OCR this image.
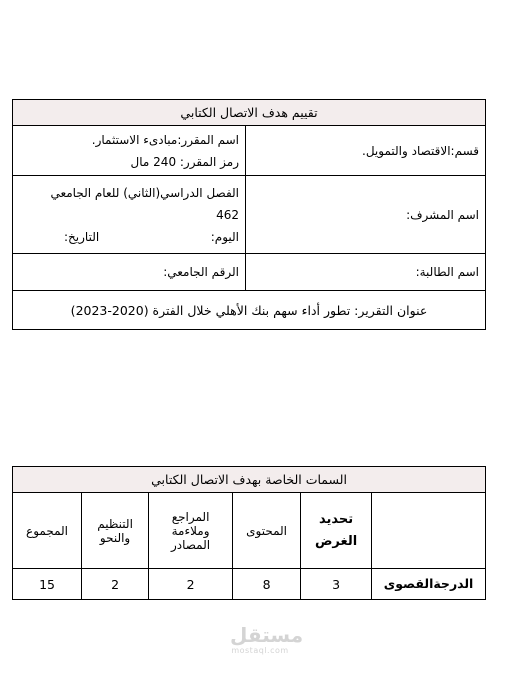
تقييم هدف الاتصال الكتابي	
قسم:الاقتصاد والتمويل.	اسم المقرر:مبادىء الاستثمار.
رمز المقرر: 240 مال

اسم المشرف:	الفصل الدراسي(الثاني) للعام الجامعي
462
اليوم:
التاريخ:

اسم الطالبة:	الرقم الجامعي:
عنوان التقرير: تطور أداء سهم بنك الأهلي خلال الفترة (2020-2023)	
السمات الخاصة بهدف الاتصال الكتابي					
	تحديد الغرض	المحتوى	المراجع وملاءمة المصادر	التنظيم والنحو	المجموع
الدرجةالقصوى	3	8	2	2	15
مستقل
mostaql.com
